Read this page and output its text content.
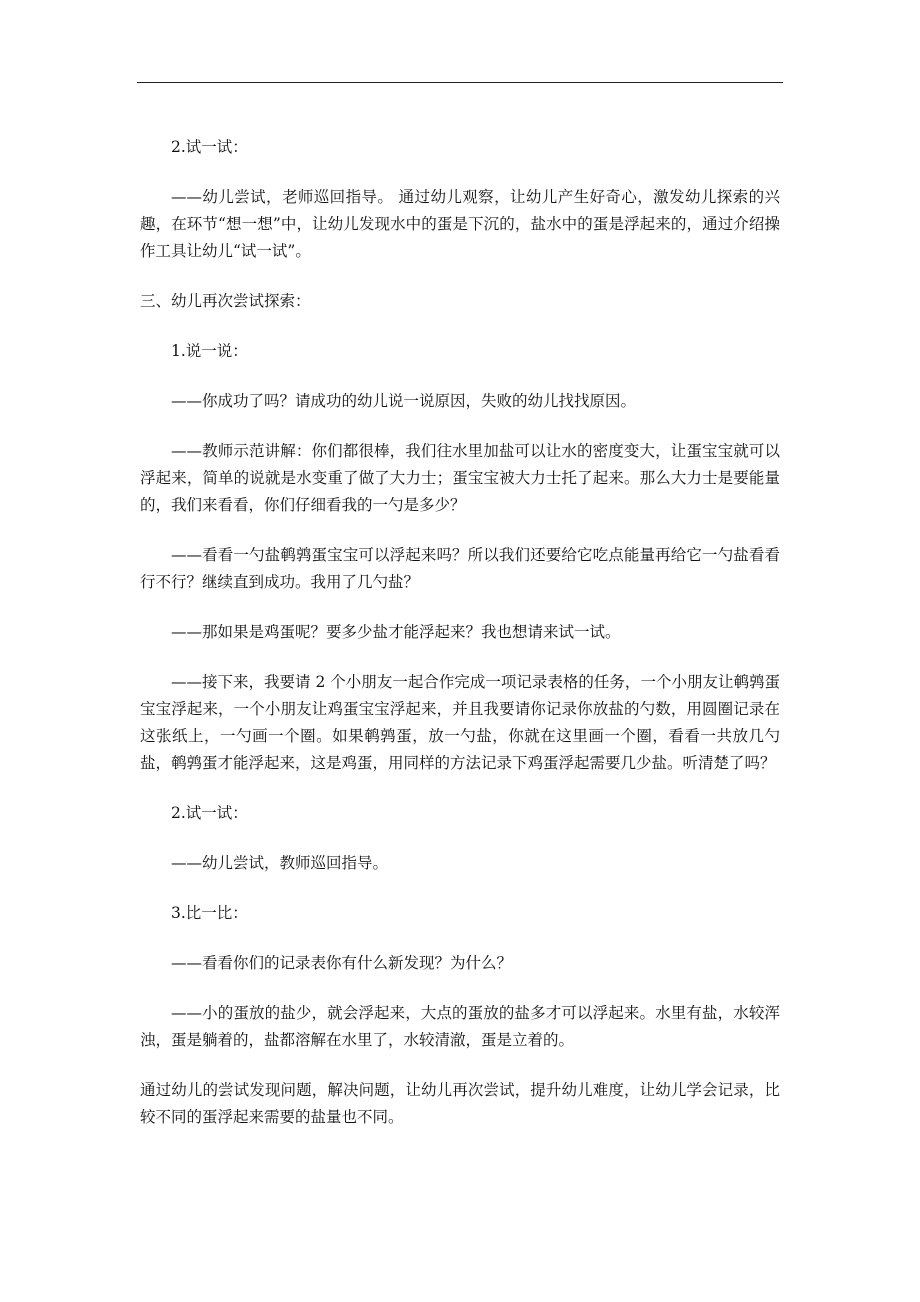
2.试一试：

——幼儿尝试，老师巡回指导。 通过幼儿观察，让幼儿产生好奇心，激发幼儿探索的兴趣，在环节“想一想”中，让幼儿发现水中的蛋是下沉的，盐水中的蛋是浮起来的，通过介绍操作工具让幼儿“试一试”。

三、幼儿再次尝试探索：

1.说一说：

——你成功了吗？请成功的幼儿说一说原因，失败的幼儿找找原因。

——教师示范讲解：你们都很棒，我们往水里加盐可以让水的密度变大，让蛋宝宝就可以浮起来，简单的说就是水变重了做了大力士；蛋宝宝被大力士托了起来。那么大力士是要能量的，我们来看看，你们仔细看我的一勺是多少？

——看看一勺盐鹌鹑蛋宝宝可以浮起来吗？所以我们还要给它吃点能量再给它一勺盐看看行不行？继续直到成功。我用了几勺盐？

——那如果是鸡蛋呢？要多少盐才能浮起来？我也想请来试一试。

——接下来，我要请 2 个小朋友一起合作完成一项记录表格的任务，一个小朋友让鹌鹑蛋宝宝浮起来，一个小朋友让鸡蛋宝宝浮起来，并且我要请你记录你放盐的勺数，用圆圈记录在这张纸上，一勺画一个圈。如果鹌鹑蛋，放一勺盐，你就在这里画一个圈，看看一共放几勺盐，鹌鹑蛋才能浮起来，这是鸡蛋，用同样的方法记录下鸡蛋浮起需要几少盐。听清楚了吗？

2.试一试：

——幼儿尝试，教师巡回指导。

3.比一比：

——看看你们的记录表你有什么新发现？为什么？

——小的蛋放的盐少，就会浮起来，大点的蛋放的盐多才可以浮起来。水里有盐，水较浑浊，蛋是躺着的，盐都溶解在水里了，水较清澈，蛋是立着的。

通过幼儿的尝试发现问题，解决问题，让幼儿再次尝试，提升幼儿难度，让幼儿学会记录，比较不同的蛋浮起来需要的盐量也不同。
